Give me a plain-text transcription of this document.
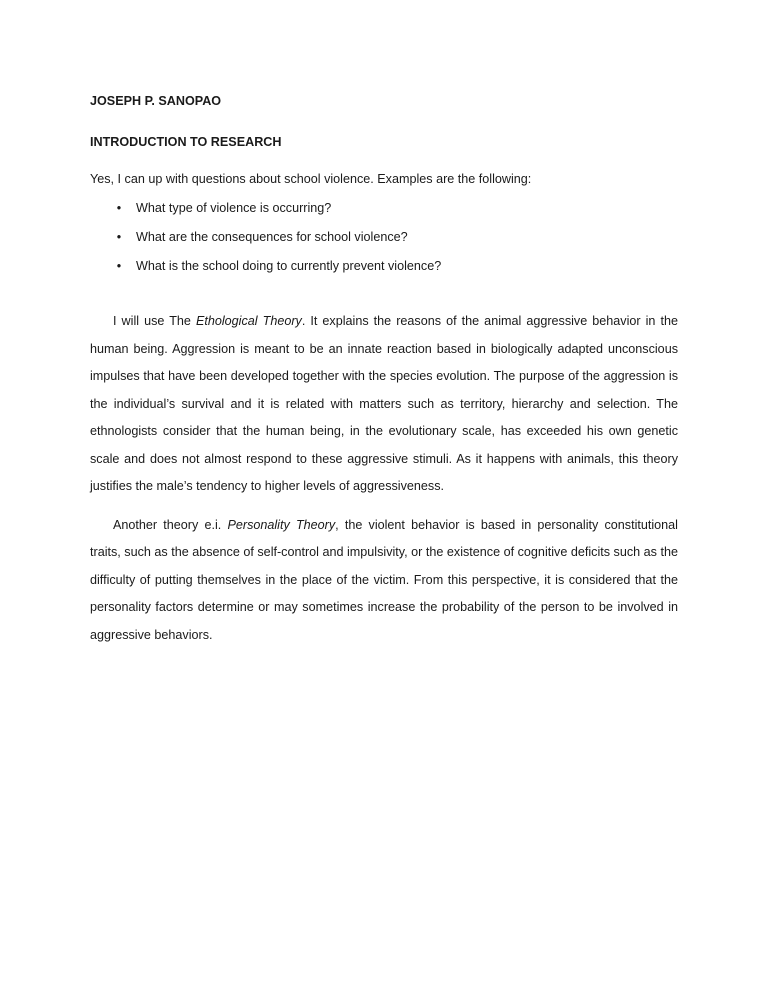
JOSEPH P. SANOPAO

INTRODUCTION TO RESEARCH

Yes, I can up with questions about school violence. Examples are the following:

•	What type of violence is occurring?
•	What are the consequences for school violence?
•	What is the school doing to currently prevent violence?

I will use The Ethological Theory. It explains the reasons of the animal aggressive behavior in the human being. Aggression is meant to be an innate reaction based in biologically adapted unconscious impulses that have been developed together with the species evolution. The purpose of the aggression is the individual’s survival and it is related with matters such as territory, hierarchy and selection. The ethnologists consider that the human being, in the evolutionary scale, has exceeded his own genetic scale and does not almost respond to these aggressive stimuli. As it happens with animals, this theory justifies the male’s tendency to higher levels of aggressiveness.

Another theory e.i. Personality Theory, the violent behavior is based in personality constitutional traits, such as the absence of self-control and impulsivity, or the existence of cognitive deficits such as the difficulty of putting themselves in the place of the victim. From this perspective, it is considered that the personality factors determine or may sometimes increase the probability of the person to be involved in aggressive behaviors.
